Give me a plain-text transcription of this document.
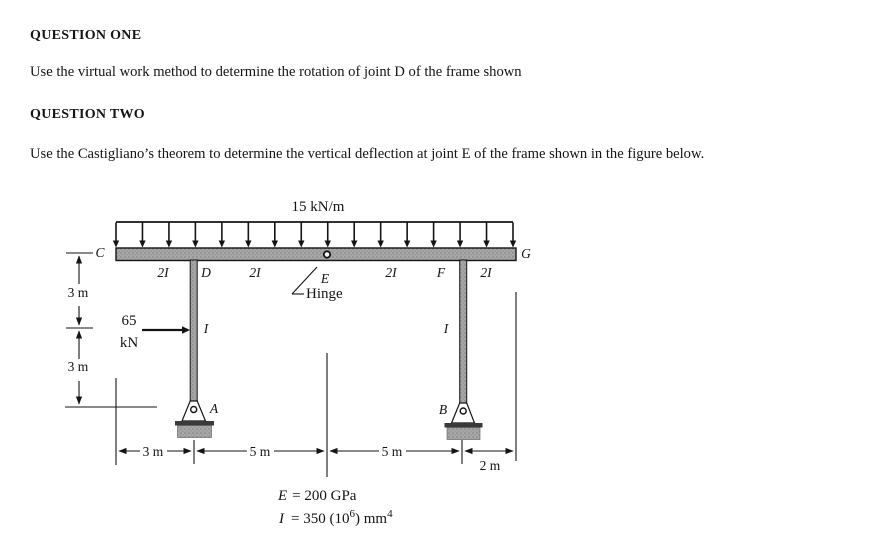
QUESTION ONE
Use the virtual work method to determine the rotation of joint D of the frame shown
QUESTION TWO
Use the Castigliano’s theorem to determine the vertical deflection at joint E of the frame shown in the figure below.
15 kN/m
Hinge
C	G
D	E	F
A	B
2I	2I	2I	2I
I	I
65
kN
3 m
3 m
3 m	5 m	5 m
2 m
E = 200 GPa
I = 350 $(10^6)$ $mm^4$
